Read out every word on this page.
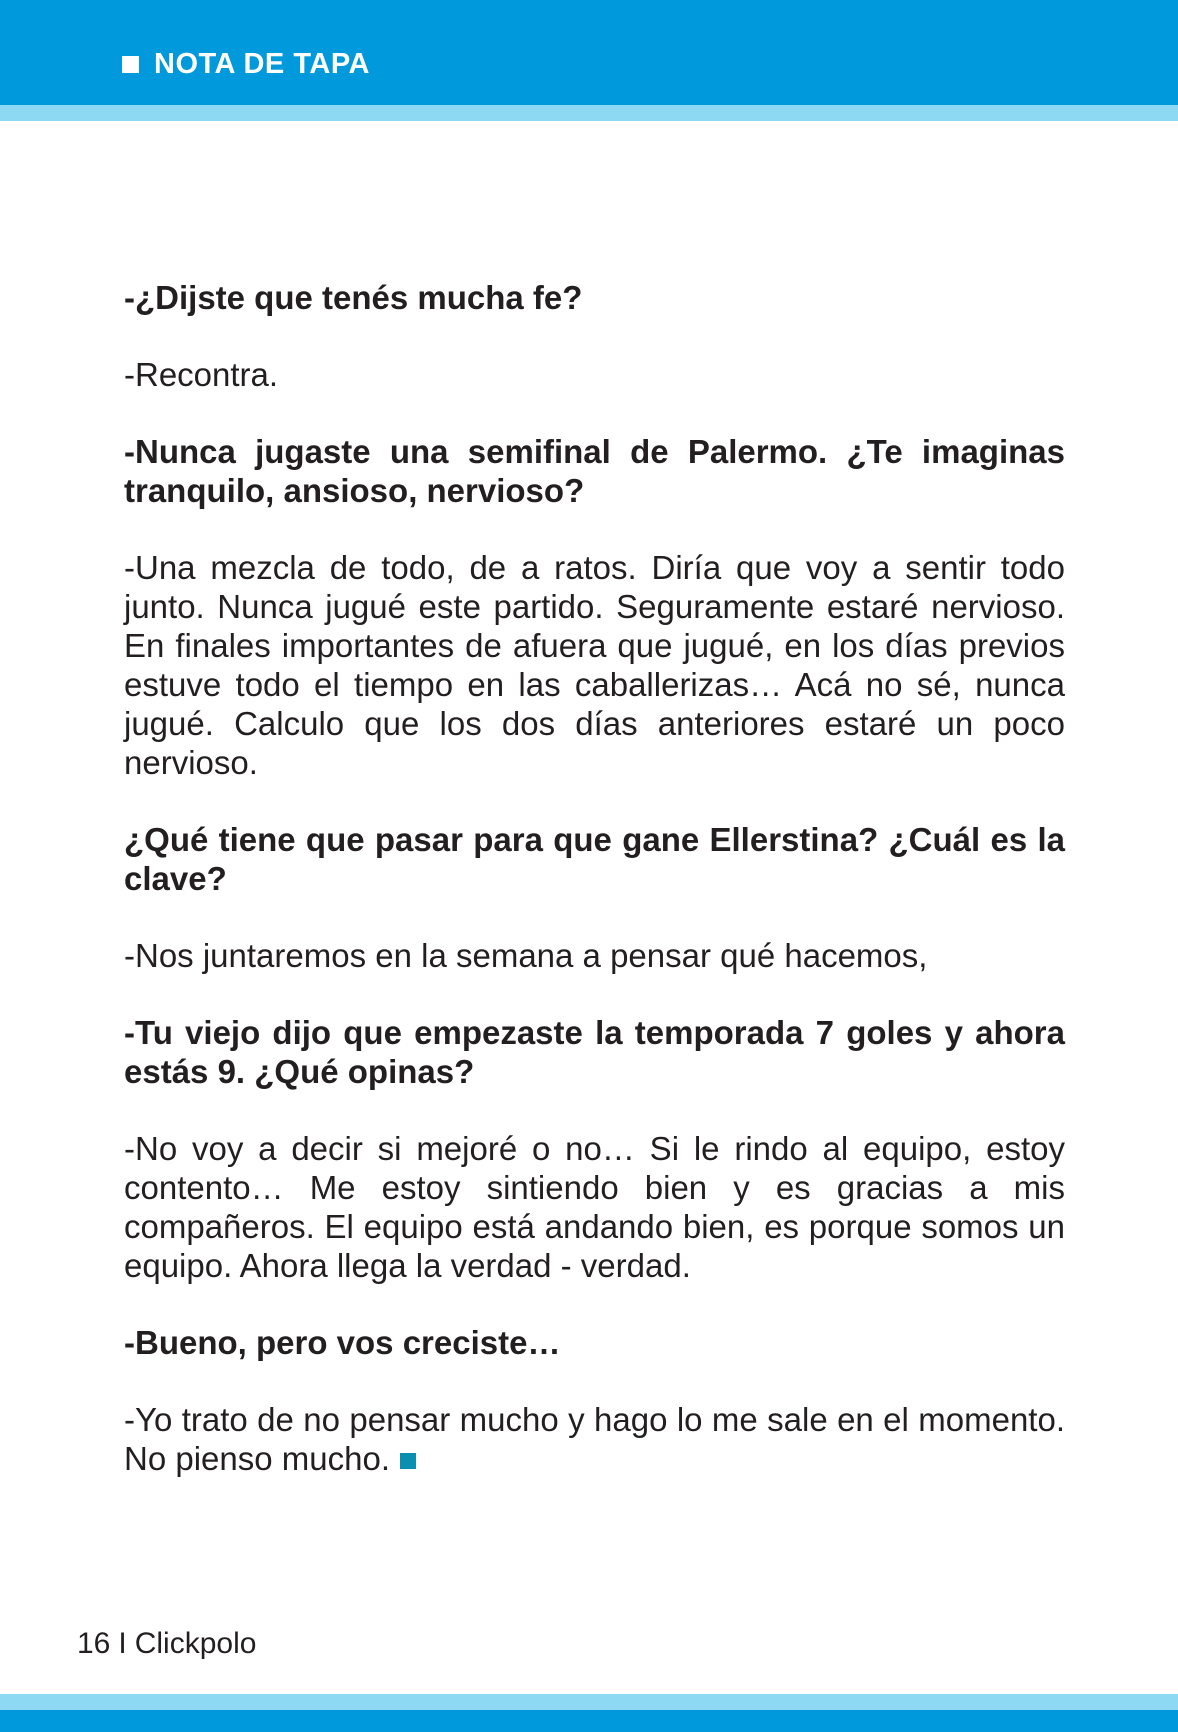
NOTA DE TAPA

-¿Dijste que tenés mucha fe?

-Recontra.

-Nunca jugaste una semifinal de Palermo. ¿Te imaginas tranquilo, ansioso, nervioso?

-Una mezcla de todo, de a ratos. Diría que voy a sentir todo junto. Nunca jugué este partido. Seguramente estaré nervioso. En finales importantes de afuera que jugué, en los días previos estuve todo el tiempo en las caballerizas… Acá no sé, nunca jugué. Calculo que los dos días anteriores estaré un poco nervioso.

¿Qué tiene que pasar para que gane Ellerstina? ¿Cuál es la clave?

-Nos juntaremos en la semana a pensar qué hacemos,

-Tu viejo dijo que empezaste la temporada 7 goles y ahora estás 9. ¿Qué opinas?

-No voy a decir si mejoré o no… Si le rindo al equipo, estoy contento… Me estoy sintiendo bien y es gracias a mis compañeros. El equipo está andando bien, es porque somos un equipo. Ahora llega la verdad - verdad.

-Bueno, pero vos creciste…

-Yo trato de no pensar mucho y hago lo me sale en el momento. No pienso mucho.

16 I Clickpolo
